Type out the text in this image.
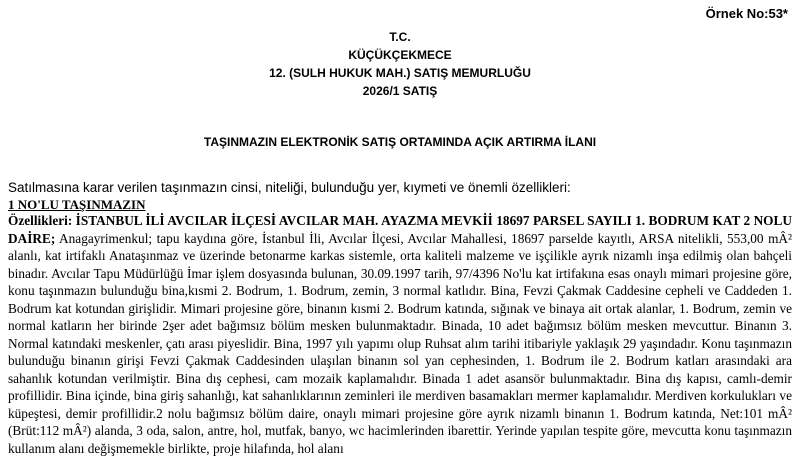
Örnek No:53*
T.C.
KÜÇÜKÇEKMECE
12. (SULH HUKUK MAH.) SATIŞ MEMURLUĞU
2026/1 SATIŞ
TAŞINMAZIN ELEKTRONİK SATIŞ ORTAMINDA AÇIK ARTIRMA İLANI
Satılmasına karar verilen taşınmazın cinsi, niteliği, bulunduğu yer, kıymeti ve önemli özellikleri:
1 NO'LU TAŞINMAZIN
Özellikleri: İSTANBUL İLİ AVCILAR İLÇESİ AVCILAR MAH. AYAZMA MEVKİİ 18697 PARSEL SAYILI 1. BODRUM KAT 2 NOLU DAİRE; Anagayrimenkul; tapu kaydına göre, İstanbul İli, Avcılar İlçesi, Avcılar Mahallesi, 18697 parselde kayıtlı, ARSA nitelikli, 553,00 mÂ² alanlı, kat irtifaklı Anataşınmaz ve üzerinde betonarme karkas sistemle, orta kaliteli malzeme ve işçilikle ayrık nizamlı inşa edilmiş olan bahçeli binadır. Avcılar Tapu Müdürlüğü İmar işlem dosyasında bulunan, 30.09.1997 tarih, 97/4396 No'lu kat irtifakına esas onaylı mimari projesine göre, konu taşınmazın bulunduğu bina,kısmi 2. Bodrum, 1. Bodrum, zemin, 3 normal katlıdır. Bina, Fevzi Çakmak Caddesine cepheli ve Caddeden 1. Bodrum kat kotundan girişlidir. Mimari projesine göre, binanın kısmi 2. Bodrum katında, sığınak ve binaya ait ortak alanlar, 1. Bodrum, zemin ve normal katların her birinde 2şer adet bağımsız bölüm mesken bulunmaktadır. Binada, 10 adet bağımsız bölüm mesken mevcuttur. Binanın 3. Normal katındaki meskenler, çatı arası piyeslidir. Bina, 1997 yılı yapımı olup Ruhsat alım tarihi itibariyle yaklaşık 29 yaşındadır. Konu taşınmazın bulunduğu binanın girişi Fevzi Çakmak Caddesinden ulaşılan binanın sol yan cephesinden, 1. Bodrum ile 2. Bodrum katları arasındaki ara sahanlık kotundan verilmiştir. Bina dış cephesi, cam mozaik kaplamalıdır. Binada 1 adet asansör bulunmaktadır. Bina dış kapısı, camlı-demir profillidir. Bina içinde, bina giriş sahanlığı, kat sahanlıklarının zeminleri ile merdiven basamakları mermer kaplamalıdır. Merdiven korkulukları ve küpeştesi, demir profillidir.2 nolu bağımsız bölüm daire, onaylı mimari projesine göre ayrık nizamlı binanın 1. Bodrum katında, Net:101 mÂ² (Brüt:112 mÂ²) alanda, 3 oda, salon, antre, hol, mutfak, banyo, wc hacimlerinden ibarettir. Yerinde yapılan tespite göre, mevcutta konu taşınmazın kullanım alanı değişmemekle birlikte, proje hilafında, hol alanı
